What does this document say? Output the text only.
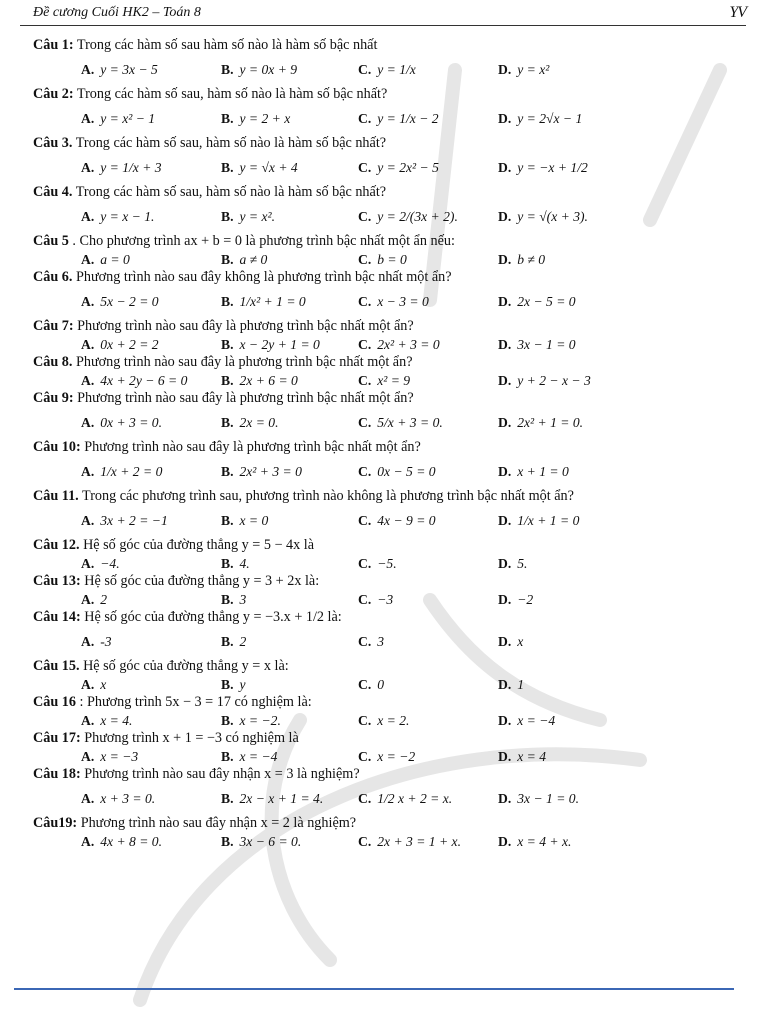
Đề cương Cuối HK2 – Toán 8	YV
Câu 1: Trong các hàm số sau hàm số nào là hàm số bậc nhất
A. y = 3x − 5	B. y = 0x + 9	C. y = 1/x	D. y = x²
Câu 2: Trong các hàm số sau, hàm số nào là hàm số bậc nhất?
A. y = x² − 1	B. y = 2 + x	C. y = 1/x − 2	D. y = 2√x − 1
Câu 3. Trong các hàm số sau, hàm số nào là hàm số bậc nhất?
A. y = 1/x + 3	B. y = √x + 4	C. y = 2x² − 5	D. y = −x + 1/2
Câu 4. Trong các hàm số sau, hàm số nào là hàm số bậc nhất?
A. y = x − 1.	B. y = x².	C. y = 2/(3x + 2).	D. y = √(x + 3).
Câu 5 . Cho phương trình ax + b = 0 là phương trình bậc nhất một ẩn nếu:
A. a = 0	B. a ≠ 0	C. b = 0	D. b ≠ 0
Câu 6. Phương trình nào sau đây không là phương trình bậc nhất một ẩn?
A. 5x − 2 = 0	B. 1/x² + 1 = 0	C. x − 3 = 0	D. 2x − 5 = 0
Câu 7: Phương trình nào sau đây là phương trình bậc nhất một ẩn?
A. 0x + 2 = 2	B. x − 2y + 1 = 0	C. 2x² + 3 = 0	D. 3x − 1 = 0
Câu 8. Phương trình nào sau đây là phương trình bậc nhất một ẩn?
A. 4x + 2y − 6 = 0 B. 2x + 6 = 0	C. x² = 9	D. y + 2 − x − 3
Câu 9: Phương trình nào sau đây là phương trình bậc nhất một ẩn?
A. 0x + 3 = 0.	B. 2x = 0.	C. 5/x + 3 = 0.	D. 2x² + 1 = 0.
Câu 10: Phương trình nào sau đây là phương trình bậc nhất một ẩn?
A. 1/x + 2 = 0	B. 2x² + 3 = 0	C. 0x − 5 = 0	D. x + 1 = 0
Câu 11. Trong các phương trình sau, phương trình nào không là phương trình bậc nhất một ẩn?
A. 3x + 2 = −1	B. x = 0	C. 4x − 9 = 0	D. 1/x + 1 = 0
Câu 12. Hệ số góc của đường thẳng y = 5 − 4x là
A. −4.	B. 4.	C. −5.	D. 5.
Câu 13: Hệ số góc của đường thẳng y = 3 + 2x là:
A. 2	B. 3	C. −3	D. −2
Câu 14: Hệ số góc của đường thẳng y = −3.x + 1/2 là:
A. -3	B. 2	C. 3	D. x
Câu 15. Hệ số góc của đường thẳng y = x là:
A. x	B. y	C. 0	D. 1
Câu 16 : Phương trình 5x − 3 = 17 có nghiệm là:
A. x = 4.	B. x = −2.	C. x = 2.	D. x = −4
Câu 17: Phương trình x + 1 = −3 có nghiệm là
A. x = −3	B. x = −4	C. x = −2	D. x = 4
Câu 18: Phương trình nào sau đây nhận x = 3 là nghiệm?
A. x + 3 = 0.	B. 2x − x + 1 = 4.	C. 1/2 x + 2 = x.	D. 3x − 1 = 0.
Câu19: Phương trình nào sau đây nhận x = 2 là nghiệm?
A. 4x + 8 = 0.	B. 3x − 6 = 0.	C. 2x + 3 = 1 + x.	D. x = 4 + x.
